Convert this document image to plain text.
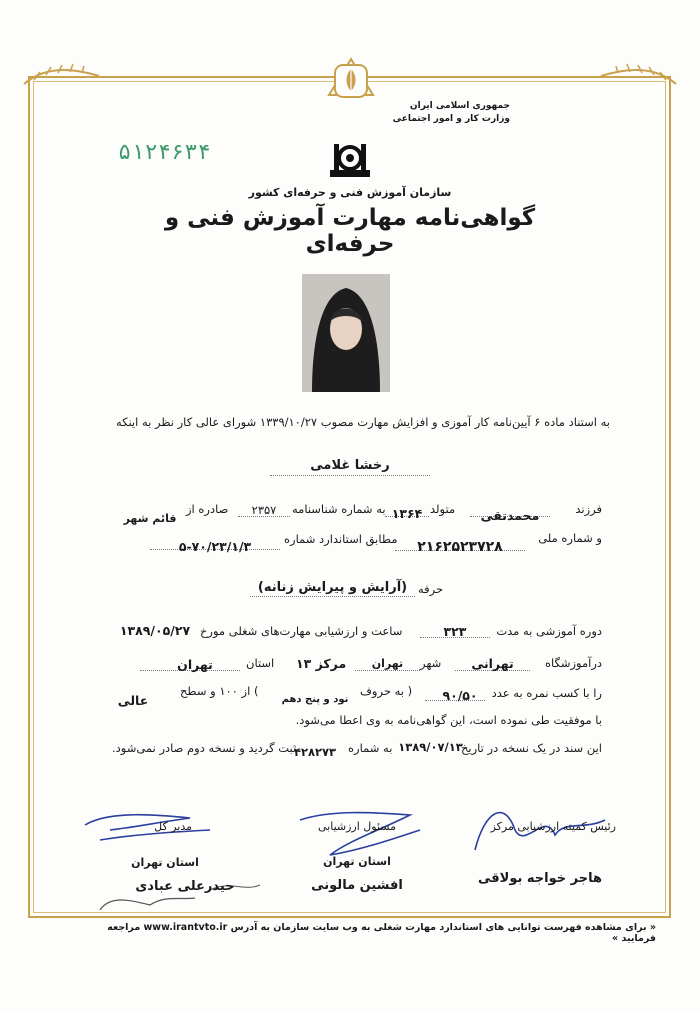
جمهوری اسلامی ایران
وزارت کار و امور اجتماعی
۵۱۲۴۶۳۴
سازمان آموزش فنی و حرفه‌ای کشور
گواهی‌نامه مهارت آموزش فنی و حرفه‌ای
به استناد ماده ۶ آیین‌نامه کار آموزی و افزایش مهارت مصوب ۱۳۳۹/۱۰/۲۷ شورای عالی کار نظر به اینکه
رخشا غلامی
فرزند
محمدتقی
متولد
۱۳۶۴
به شماره شناسنامه
۲۳۵۷
صادره از
قائم شهر
و شماره ملی
۲۱۶۲۵۲۳۷۲۸
مطابق استاندارد شماره
۵-۷۰/۲۳/۱/۳
حرفه
(آرایش و پیرایش زنانه)
دوره آموزشی به مدت
۳۲۳
ساعت و ارزشیابی مهارت‌های شغلی مورخ
۱۳۸۹/۰۵/۲۷
درآموزشگاه
تهرانی
شهر
تهران
مرکز ۱۳
استان
تهران
را با کسب نمره به عدد
۹۰/۵۰
( به حروف
نود و پنج دهم
) از ۱۰۰ و سطح
عالی
با موفقیت طی نموده است، این گواهی‌نامه به وی اعطا می‌شود.
این سند در یک نسخه در تاریخ
۱۳۸۹/۰۷/۱۳
به شماره
۴۲۸۲۷۳
ثبت گردید و نسخه دوم صادر نمی‌شود.
رئیس کمیته ارزشیابی مرکز
هاجر خواجه بولاقی
مسئول ارزشیابی
استان تهران
افشین مالونی
مدیر کل
استان تهران
حیدرعلی عبادی
« برای مشاهده فهرست توانایی های استاندارد مهارت شغلی به وب سایت سازمان به آدرس www.irantvto.ir مراجعه فرمایید »
